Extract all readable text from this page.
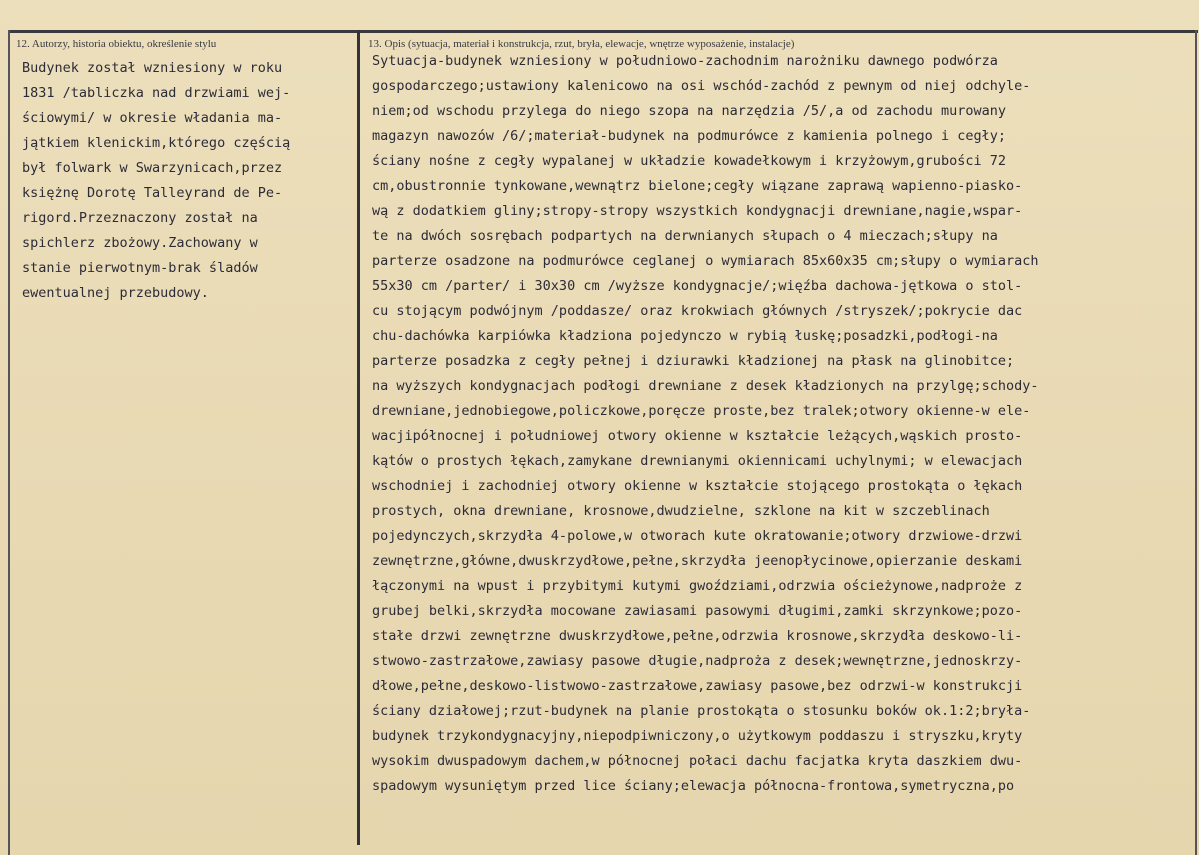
12. Autorzy, historia obiektu, określenie stylu	13. Opis (sytuacja, materiał i konstrukcja, rzut, bryła, elewacje, wnętrze wyposażenie, instalacje)
Budynek został wzniesiony w roku
1831 /tabliczka nad drzwiami wej-
ściowymi/ w okresie władania ma-
jątkiem klenickim,którego częścią
był folwark w Swarzynicach,przez
księżnę Dorotę Talleyrand de Pe-
rigord.Przeznaczony został na
spichlerz zbożowy.Zachowany w
stanie pierwotnym-brak śladów
ewentualnej przebudowy.
Sytuacja-budynek wzniesiony w południowo-zachodnim narożniku dawnego podwórza
gospodarczego;ustawiony kalenicowo na osi wschód-zachód z pewnym od niej odchyle-
niem;od wschodu przylega do niego szopa na narzędzia /5/,a od zachodu murowany
magazyn nawozów /6/;materiał-budynek na podmurówce z kamienia polnego i cegły;
ściany nośne z cegły wypalanej w układzie kowadełkowym i krzyżowym,grubości 72
cm,obustronnie tynkowane,wewnątrz bielone;cegły wiązane zaprawą wapienno-piasko-
wą z dodatkiem gliny;stropy-stropy wszystkich kondygnacji drewniane,nagie,wspar-
te na dwóch sosrębach podpartych na derwnianych słupach o 4 mieczach;słupy na
parterze osadzone na podmurówce ceglanej o wymiarach 85x60x35 cm;słupy o wymiarach
55x30 cm /parter/ i 30x30 cm /wyższe kondygnacje/;więźba dachowa-jętkowa o stol-
cu stojącym podwójnym /poddasze/ oraz krokwiach głównych /stryszek/;pokrycie dac
chu-dachówka karpiówka kładziona pojedynczo w rybią łuskę;posadzki,podłogi-na
parterze posadzka z cegły pełnej i dziurawki kładzionej na płask na glinobitce;
na wyższych kondygnacjach podłogi drewniane z desek kładzionych na przylgę;schody-
drewniane,jednobiegowe,policzkowe,poręcze proste,bez tralek;otwory okienne-w ele-
wacjipółnocnej i południowej otwory okienne w kształcie leżących,wąskich prosto-
kątów o prostych łękach,zamykane drewnianymi okiennicami uchylnymi; w elewacjach
wschodniej i zachodniej otwory okienne w kształcie stojącego prostokąta o łękach
prostych, okna drewniane, krosnowe,dwudzielne, szklone na kit w szczeblinach
pojedynczych,skrzydła 4-polowe,w otworach kute okratowanie;otwory drzwiowe-drzwi
zewnętrzne,główne,dwuskrzydłowe,pełne,skrzydła jeenopłycinowe,opierzanie deskami
łączonymi na wpust i przybitymi kutymi gwoździami,odrzwia ościeżynowe,nadproże z
grubej belki,skrzydła mocowane zawiasami pasowymi długimi,zamki skrzynkowe;pozo-
stałe drzwi zewnętrzne dwuskrzydłowe,pełne,odrzwia krosnowe,skrzydła deskowo-li-
stwowo-zastrzałowe,zawiasy pasowe długie,nadproża z desek;wewnętrzne,jednoskrzy-
dłowe,pełne,deskowo-listwowo-zastrzałowe,zawiasy pasowe,bez odrzwi-w konstrukcji
ściany działowej;rzut-budynek na planie prostokąta o stosunku boków ok.1:2;bryła-
budynek trzykondygnacyjny,niepodpiwniczony,o użytkowym poddaszu i stryszku,kryty
wysokim dwuspadowym dachem,w północnej połaci dachu facjatka kryta daszkiem dwu-
spadowym wysuniętym przed lice ściany;elewacja północna-frontowa,symetryczna,po
